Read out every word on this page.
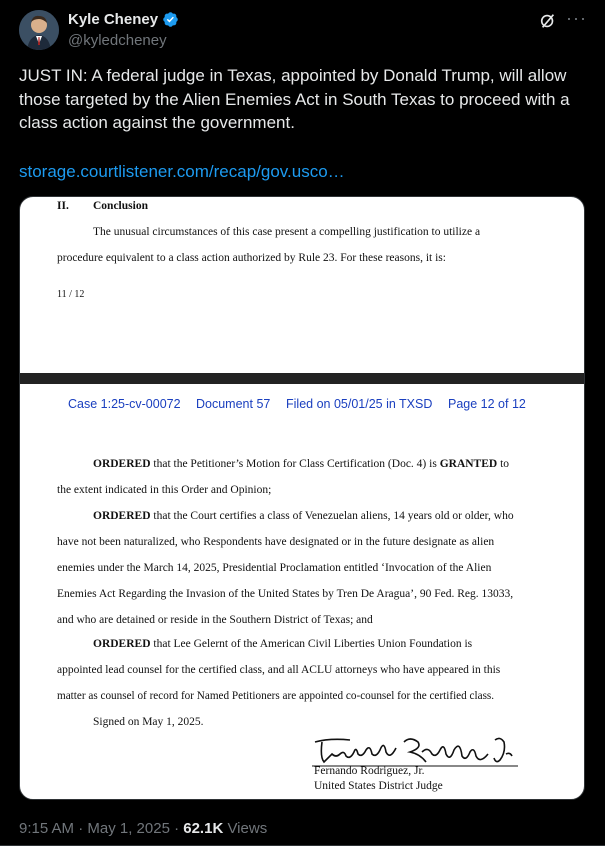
Kyle Cheney
@kyledcheney
···
JUST IN: A federal judge in Texas, appointed by Donald Trump, will allow those targeted by the Alien Enemies Act in South Texas to proceed with a class action against the government.
storage.courtlistener.com/recap/gov.usco…
II. Conclusion
The unusual circumstances of this case present a compelling justification to utilize a
procedure equivalent to a class action authorized by Rule 23. For these reasons, it is:
11 / 12
Case 1:25-cv-00072 Document 57 Filed on 05/01/25 in TXSD Page 12 of 12
ORDERED that the Petitioner’s Motion for Class Certification (Doc. 4) is GRANTED to
the extent indicated in this Order and Opinion;
ORDERED that the Court certifies a class of Venezuelan aliens, 14 years old or older, who
have not been naturalized, who Respondents have designated or in the future designate as alien
enemies under the March 14, 2025, Presidential Proclamation entitled ‘Invocation of the Alien
Enemies Act Regarding the Invasion of the United States by Tren De Aragua’, 90 Fed. Reg. 13033,
and who are detained or reside in the Southern District of Texas; and
ORDERED that Lee Gelernt of the American Civil Liberties Union Foundation is
appointed lead counsel for the certified class, and all ACLU attorneys who have appeared in this
matter as counsel of record for Named Petitioners are appointed co-counsel for the certified class.
Signed on May 1, 2025.
Fernando Rodriguez, Jr.
United States District Judge
9:15 AM · May 1, 2025 · 62.1K Views
